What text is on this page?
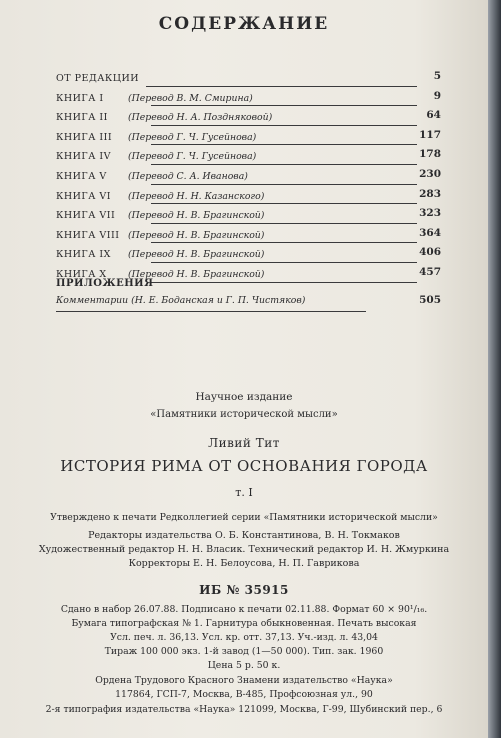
СОДЕРЖАНИЕ
ОТ РЕДАКЦИИ	5
КНИГА I	(Перевод В. М. Смирина)	9
КНИГА II (Перевод Н. А. Поздняковой)	64
КНИГА III (Перевод Г. Ч. Гусейнова)	117
КНИГА IV (Перевод Г. Ч. Гусейнова)	178
КНИГА V (Перевод С. А. Иванова)	230
КНИГА VI (Перевод Н. Н. Казанского)	283
КНИГА VII (Перевод Н. В. Брагинской)	323
КНИГА VIII (Перевод Н. В. Брагинской)	364
КНИГА IX (Перевод Н. В. Брагинской)	406
КНИГА X (Перевод Н. В. Брагинской)	457
ПРИЛОЖЕНИЯ
Комментарии (Н. Е. Боданская и Г. П. Чистяков)	505
Научное издание
«Памятники исторической мысли»
Ливий Тит
ИСТОРИЯ РИМА ОТ ОСНОВАНИЯ ГОРОДА
т. I
Утверждено к печати Редколлегией серии «Памятники исторической мысли»
Редакторы издательства О. Б. Константинова, В. Н. Токмаков
Художественный редактор Н. Н. Власик. Технический редактор И. Н. Жмуркина
Корректоры Е. Н. Белоусова, Н. П. Гаврикова
ИБ № 35915
Сдано в набор 26.07.88. Подписано к печати 02.11.88. Формат 60 × 90¹/₁₆.
Бумага типографская № 1. Гарнитура обыкновенная. Печать высокая
Усл. печ. л. 36,13. Усл. кр. отт. 37,13. Уч.-изд. л. 43,04
Тираж 100 000 экз. 1-й завод (1—50 000). Тип. зак. 1960
Цена 5 р. 50 к.
Ордена Трудового Красного Знамени издательство «Наука»
117864, ГСП-7, Москва, В-485, Профсоюзная ул., 90
2-я типография издательства «Наука» 121099, Москва, Г-99, Шубинский пер., 6
